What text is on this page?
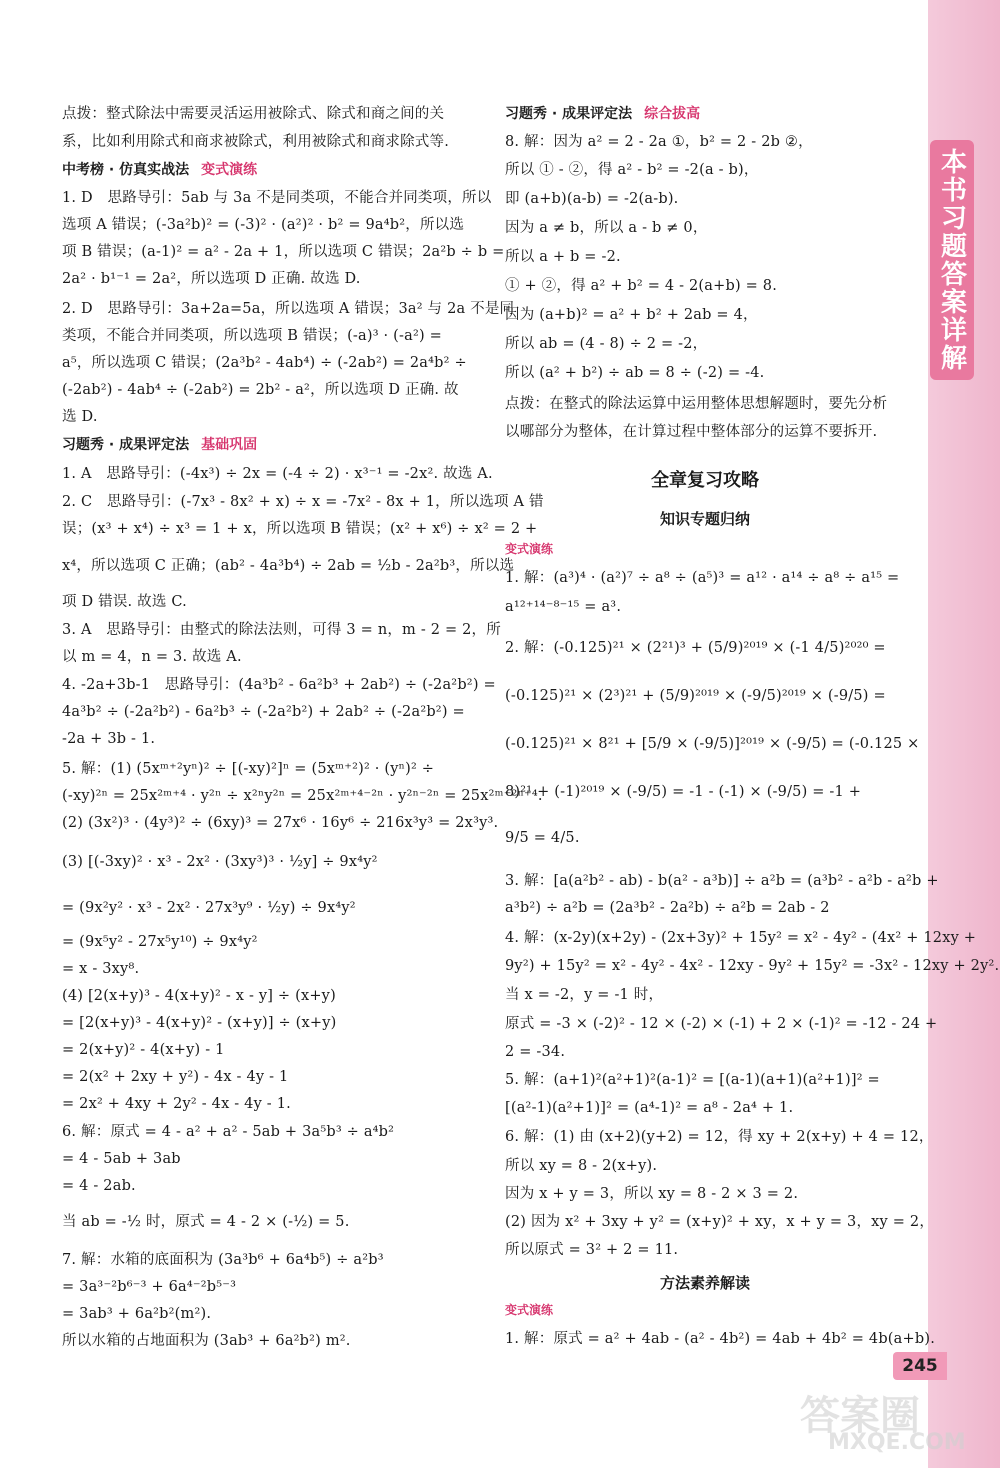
本书习题答案详解
点拨：整式除法中需要灵活运用被除式、除式和商之间的关
系，比如利用除式和商求被除式，利用被除式和商求除式等.
中考榜 · 仿真实战法 变式演练
1. D　思路导引：5ab 与 3a 不是同类项，不能合并同类项，所以
选项 A 错误；(-3a²b)² = (-3)² · (a²)² · b² = 9a⁴b²，所以选
项 B 错误；(a-1)² = a² - 2a + 1，所以选项 C 错误；2a²b ÷ b =
2a² · b¹⁻¹ = 2a²，所以选项 D 正确. 故选 D.
2. D　思路导引：3a+2a=5a，所以选项 A 错误；3a² 与 2a 不是同
类项，不能合并同类项，所以选项 B 错误；(-a)³ · (-a²) =
a⁵，所以选项 C 错误；(2a³b² - 4ab⁴) ÷ (-2ab²) = 2a⁴b² ÷
(-2ab²) - 4ab⁴ ÷ (-2ab²) = 2b² - a²，所以选项 D 正确. 故
选 D.
习题秀 · 成果评定法 基础巩固
1. A　思路导引：(-4x³) ÷ 2x = (-4 ÷ 2) · x³⁻¹ = -2x². 故选 A.
2. C　思路导引：(-7x³ - 8x² + x) ÷ x = -7x² - 8x + 1，所以选项 A 错
误；(x³ + x⁴) ÷ x³ = 1 + x，所以选项 B 错误；(x² + x⁶) ÷ x² = 2 +
x⁴，所以选项 C 正确；(ab² - 4a³b⁴) ÷ 2ab = ½b - 2a²b³，所以选
项 D 错误. 故选 C.
3. A　思路导引：由整式的除法法则，可得 3 = n，m - 2 = 2，所
以 m = 4，n = 3. 故选 A.
4. -2a+3b-1　思路导引：(4a³b² - 6a²b³ + 2ab²) ÷ (-2a²b²) =
4a³b² ÷ (-2a²b²) - 6a²b³ ÷ (-2a²b²) + 2ab² ÷ (-2a²b²) =
-2a + 3b - 1.
5. 解：(1) (5xᵐ⁺²yⁿ)² ÷ [(-xy)²]ⁿ = (5xᵐ⁺²)² · (yⁿ)² ÷
(-xy)²ⁿ = 25x²ᵐ⁺⁴ · y²ⁿ ÷ x²ⁿy²ⁿ = 25x²ᵐ⁺⁴⁻²ⁿ · y²ⁿ⁻²ⁿ = 25x²ᵐ⁻²ⁿ⁺⁴.
(2) (3x²)³ · (4y³)² ÷ (6xy)³ = 27x⁶ · 16y⁶ ÷ 216x³y³ = 2x³y³.
(3) [(-3xy)² · x³ - 2x² · (3xy³)³ · ½y] ÷ 9x⁴y²
= (9x²y² · x³ - 2x² · 27x³y⁹ · ½y) ÷ 9x⁴y²
= (9x⁵y² - 27x⁵y¹⁰) ÷ 9x⁴y²
= x - 3xy⁸.
(4) [2(x+y)³ - 4(x+y)² - x - y] ÷ (x+y)
= [2(x+y)³ - 4(x+y)² - (x+y)] ÷ (x+y)
= 2(x+y)² - 4(x+y) - 1
= 2(x² + 2xy + y²) - 4x - 4y - 1
= 2x² + 4xy + 2y² - 4x - 4y - 1.
6. 解：原式 = 4 - a² + a² - 5ab + 3a⁵b³ ÷ a⁴b²
= 4 - 5ab + 3ab
= 4 - 2ab.
当 ab = -½ 时，原式 = 4 - 2 × (-½) = 5.
7. 解：水箱的底面积为 (3a³b⁶ + 6a⁴b⁵) ÷ a²b³
= 3a³⁻²b⁶⁻³ + 6a⁴⁻²b⁵⁻³
= 3ab³ + 6a²b²(m²).
所以水箱的占地面积为 (3ab³ + 6a²b²) m².
习题秀 · 成果评定法 综合拔高
8. 解：因为 a² = 2 - 2a ①，b² = 2 - 2b ②，
所以 ① - ②，得 a² - b² = -2(a - b)，
即 (a+b)(a-b) = -2(a-b).
因为 a ≠ b，所以 a - b ≠ 0，
所以 a + b = -2.
① + ②，得 a² + b² = 4 - 2(a+b) = 8.
因为 (a+b)² = a² + b² + 2ab = 4，
所以 ab = (4 - 8) ÷ 2 = -2，
所以 (a² + b²) ÷ ab = 8 ÷ (-2) = -4.
点拨：在整式的除法运算中运用整体思想解题时，要先分析
以哪部分为整体，在计算过程中整体部分的运算不要拆开.
全章复习攻略
知识专题归纳
变式演练
1. 解：(a³)⁴ · (a²)⁷ ÷ a⁸ ÷ (a⁵)³ = a¹² · a¹⁴ ÷ a⁸ ÷ a¹⁵ =
a¹²⁺¹⁴⁻⁸⁻¹⁵ = a³.
2. 解：(-0.125)²¹ × (2²¹)³ + (5/9)²⁰¹⁹ × (-1 4/5)²⁰²⁰ =
(-0.125)²¹ × (2³)²¹ + (5/9)²⁰¹⁹ × (-9/5)²⁰¹⁹ × (-9/5) =
(-0.125)²¹ × 8²¹ + [5/9 × (-9/5)]²⁰¹⁹ × (-9/5) = (-0.125 ×
8)²¹ + (-1)²⁰¹⁹ × (-9/5) = -1 - (-1) × (-9/5) = -1 +
9/5 = 4/5.
3. 解：[a(a²b² - ab) - b(a² - a³b)] ÷ a²b = (a³b² - a²b - a²b +
a³b²) ÷ a²b = (2a³b² - 2a²b) ÷ a²b = 2ab - 2
4. 解：(x-2y)(x+2y) - (2x+3y)² + 15y² = x² - 4y² - (4x² + 12xy +
9y²) + 15y² = x² - 4y² - 4x² - 12xy - 9y² + 15y² = -3x² - 12xy + 2y².
当 x = -2，y = -1 时，
原式 = -3 × (-2)² - 12 × (-2) × (-1) + 2 × (-1)² = -12 - 24 +
2 = -34.
5. 解：(a+1)²(a²+1)²(a-1)² = [(a-1)(a+1)(a²+1)]² =
[(a²-1)(a²+1)]² = (a⁴-1)² = a⁸ - 2a⁴ + 1.
6. 解：(1) 由 (x+2)(y+2) = 12，得 xy + 2(x+y) + 4 = 12，
所以 xy = 8 - 2(x+y).
因为 x + y = 3，所以 xy = 8 - 2 × 3 = 2.
(2) 因为 x² + 3xy + y² = (x+y)² + xy，x + y = 3，xy = 2，
所以原式 = 3² + 2 = 11.
方法素养解读
变式演练
1. 解：原式 = a² + 4ab - (a² - 4b²) = 4ab + 4b² = 4b(a+b).
245
答案圈
MXQE.COM
